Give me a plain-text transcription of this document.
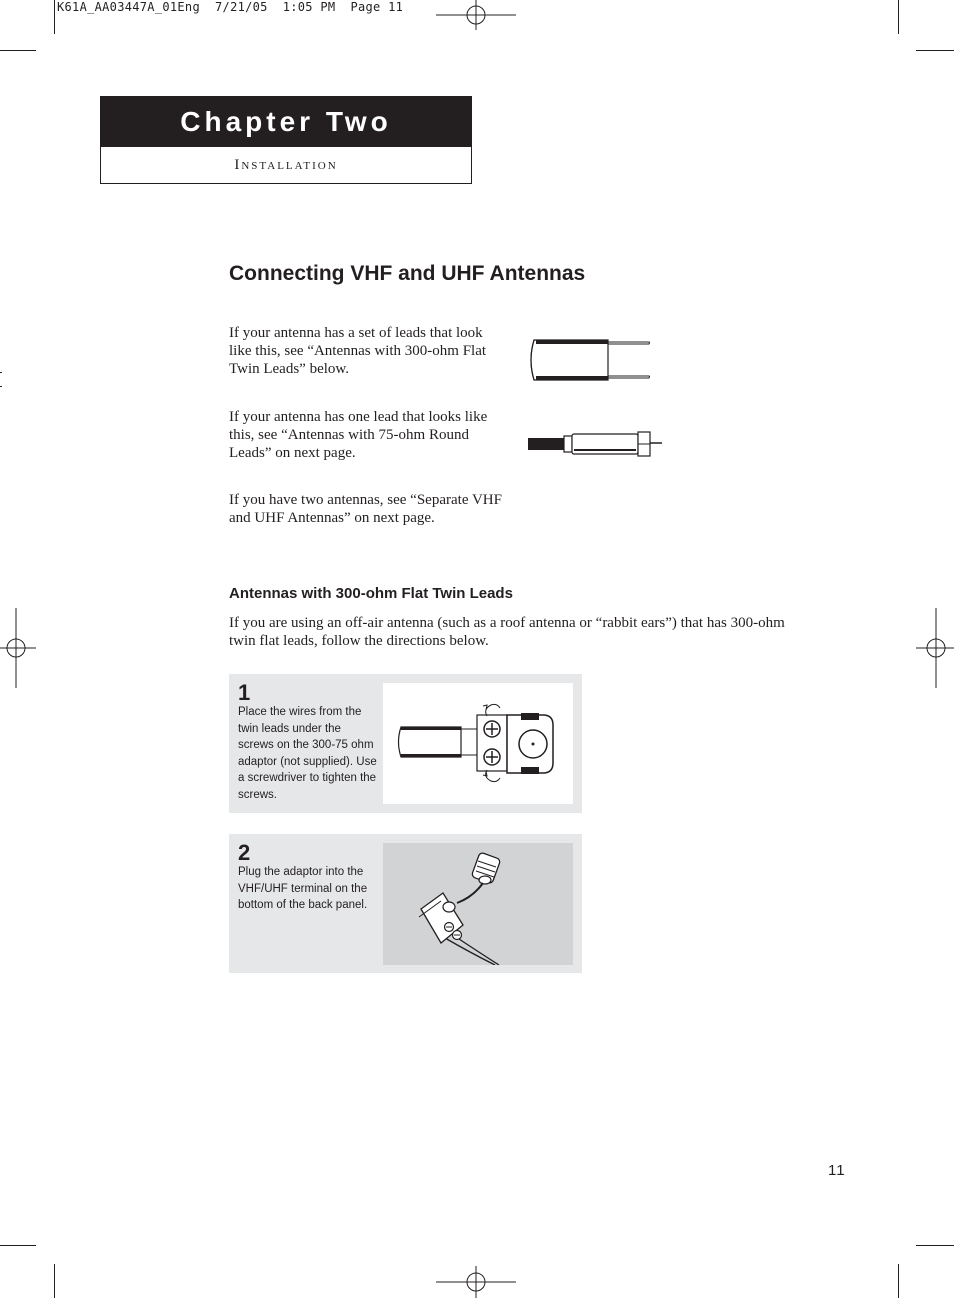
K61A_AA03447A_01Eng  7/21/05  1:05 PM  Page 11
Chapter Two
Installation
Connecting VHF and UHF Antennas
If your antenna has a set of leads that look like this, see “Antennas with 300-ohm Flat Twin Leads” below.
If your antenna has one lead that looks like this, see “Antennas with 75-ohm Round Leads” on next page.
If you have two antennas, see “Separate VHF and UHF Antennas” on next page.
Antennas with 300-ohm Flat Twin Leads
If you are using an off-air antenna (such as a roof antenna or “rabbit ears”) that has 300-ohm twin flat leads, follow the directions below.
1
Place the wires from the twin leads under the screws on the 300-75 ohm adaptor (not supplied). Use a screwdriver to tighten the screws.
2
Plug the adaptor into the VHF/UHF terminal on the bottom of the back panel.
11
